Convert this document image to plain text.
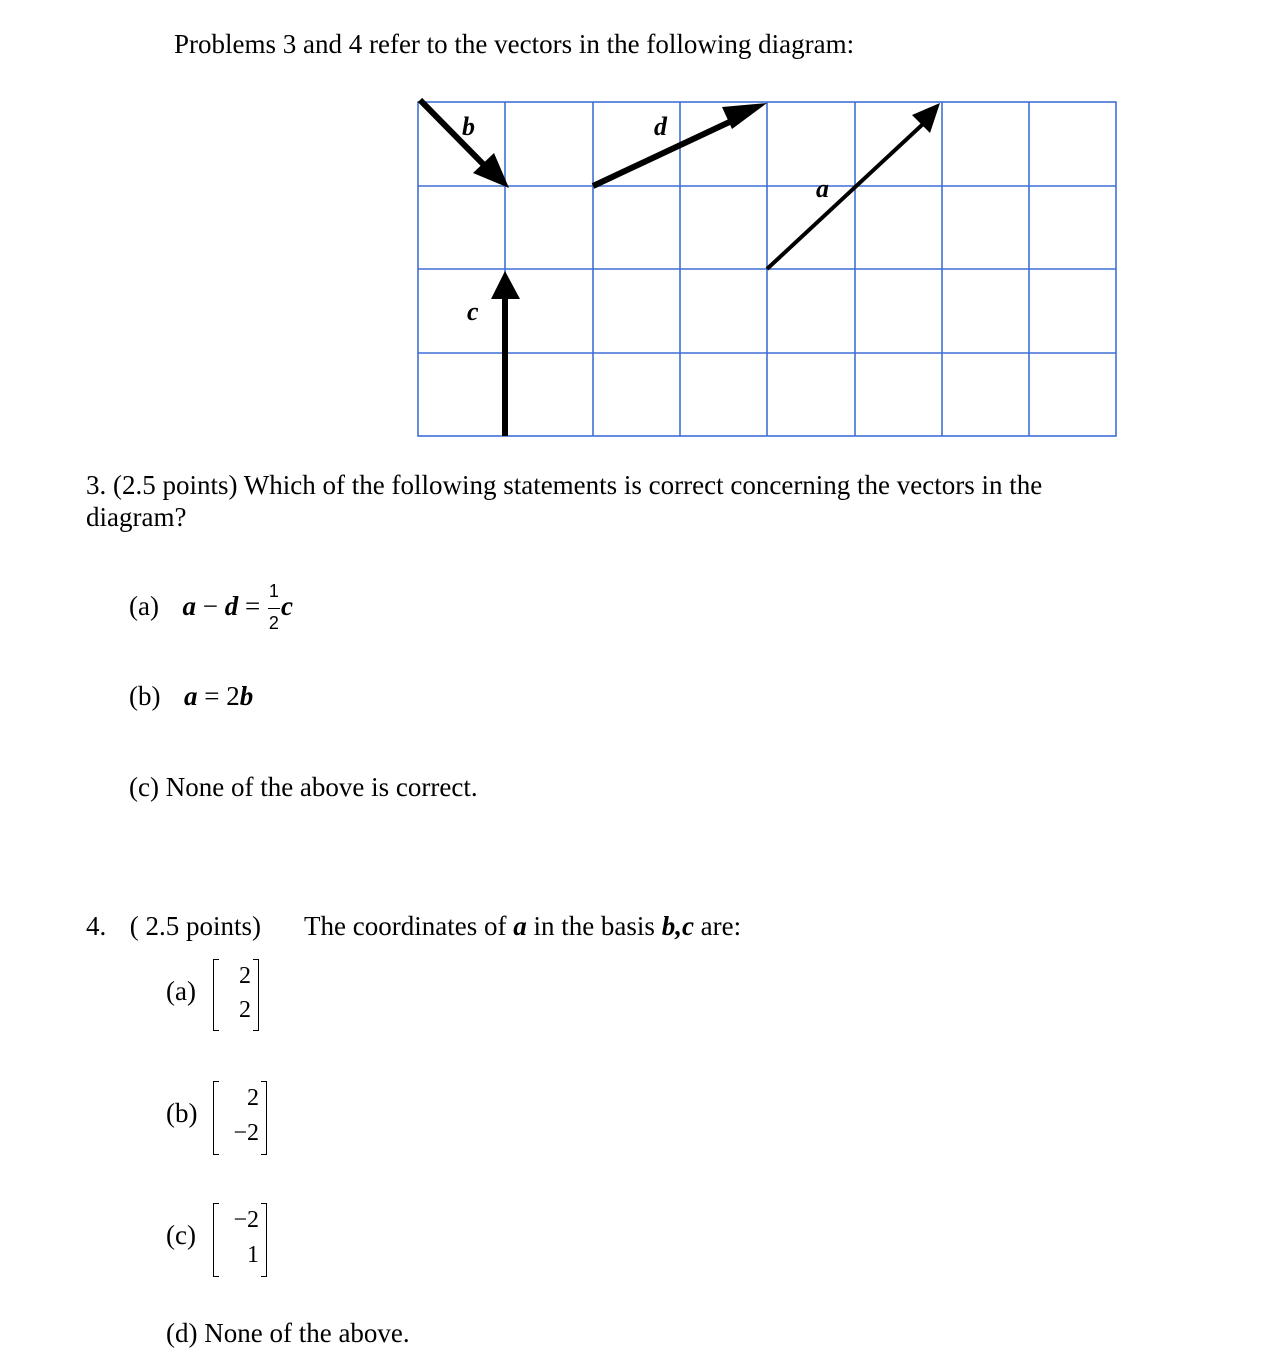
Problems 3 and 4 refer to the vectors in the following diagram:
b	d
a
c
3. (2.5 points) Which of the following statements is correct concerning the vectors in the
diagram?
(a) $a - d = \frac{1}{2}$ c
(b) a = 2b
(c) None of the above is correct.
4. ( 2.5 points) The coordinates of a in the basis b,c are:
(a)	2
2
(b)	2
−2
(c)	−2
1
(d) None of the above.
